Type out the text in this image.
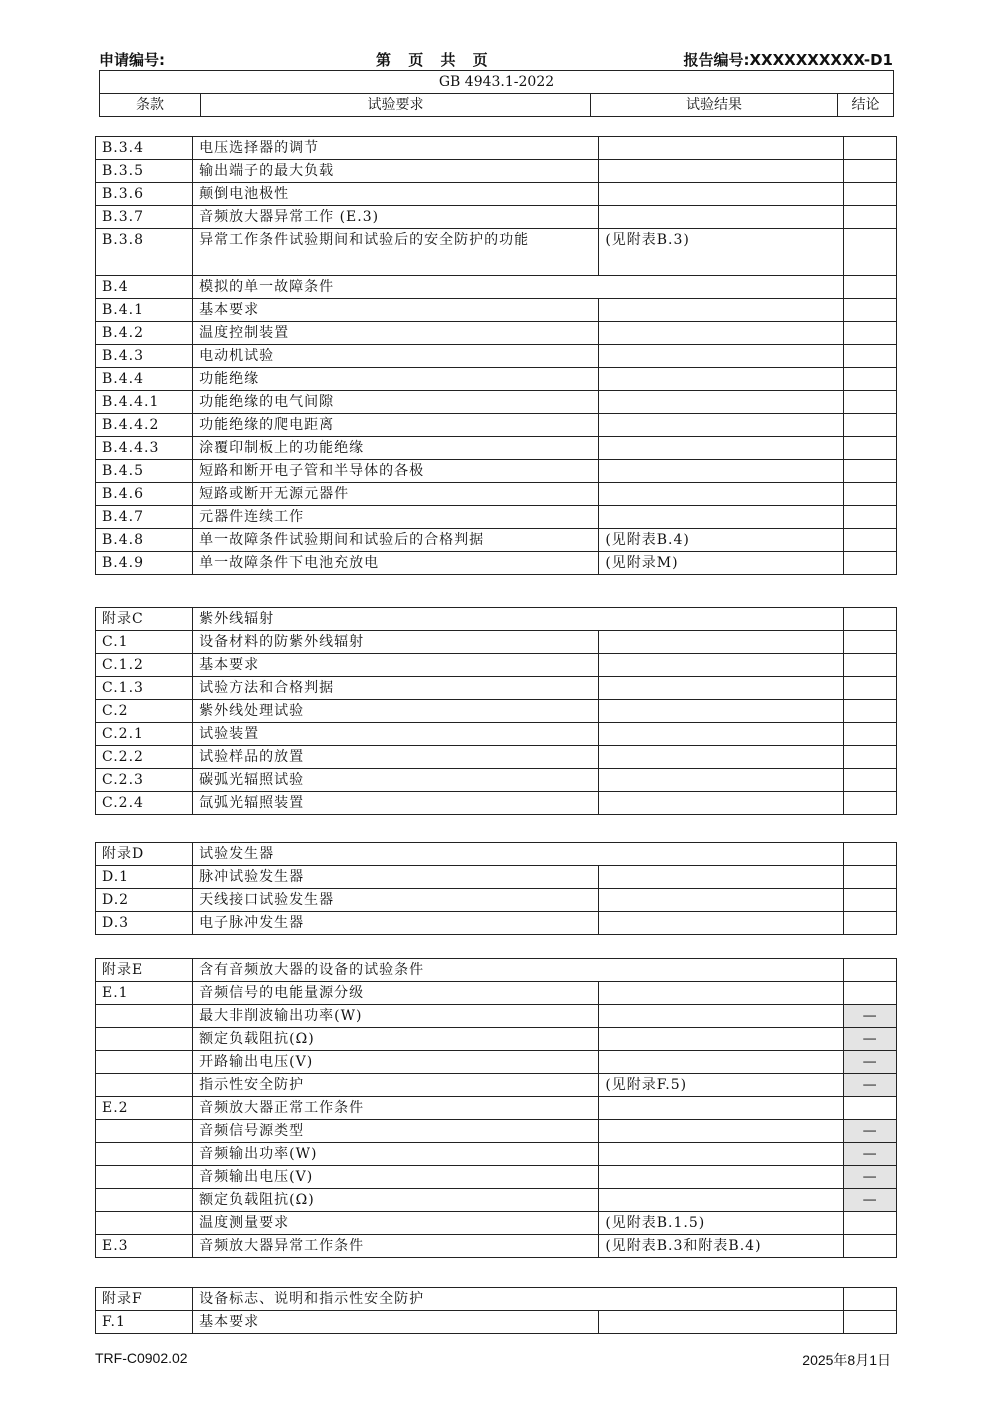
申请编号:	第 页 共 页	报告编号:XXXXXXXXXX-D1
GB 4943.1-2022
条款	试验要求	试验结果	结论
B.3.4	电压选择器的调节		
B.3.5	输出端子的最大负载		
B.3.6	颠倒电池极性		
B.3.7	音频放大器异常工作 (E.3)		
B.3.8	异常工作条件试验期间和试验后的安全防护的功能	(见附表B.3)	
B.4	模拟的单一故障条件		
B.4.1	基本要求		
B.4.2	温度控制装置		
B.4.3	电动机试验		
B.4.4	功能绝缘		
B.4.4.1	功能绝缘的电气间隙		
B.4.4.2	功能绝缘的爬电距离		
B.4.4.3	涂覆印制板上的功能绝缘		
B.4.5	短路和断开电子管和半导体的各极		
B.4.6	短路或断开无源元器件		
B.4.7	元器件连续工作		
B.4.8	单一故障条件试验期间和试验后的合格判据	(见附表B.4)	
B.4.9	单一故障条件下电池充放电	(见附录M)	
附录C	紫外线辐射		
C.1	设备材料的防紫外线辐射		
C.1.2	基本要求		
C.1.3	试验方法和合格判据		
C.2	紫外线处理试验		
C.2.1	试验装置		
C.2.2	试验样品的放置		
C.2.3	碳弧光辐照试验		
C.2.4	氙弧光辐照装置		
附录D	试验发生器		
D.1	脉冲试验发生器		
D.2	天线接口试验发生器		
D.3	电子脉冲发生器		
附录E	含有音频放大器的设备的试验条件		
E.1	音频信号的电能量源分级		
	最大非削波输出功率(W)		—
	额定负载阻抗(Ω)		—
	开路输出电压(V)		—
	指示性安全防护	(见附录F.5)	—
E.2	音频放大器正常工作条件		
	音频信号源类型		—
	音频输出功率(W)		—
	音频输出电压(V)		—
	额定负载阻抗(Ω)		—
	温度测量要求	(见附表B.1.5)	
E.3	音频放大器异常工作条件	(见附表B.3和附表B.4)	
附录F	设备标志、说明和指示性安全防护		
F.1	基本要求		
TRF-C0902.02	2025年8月1日
